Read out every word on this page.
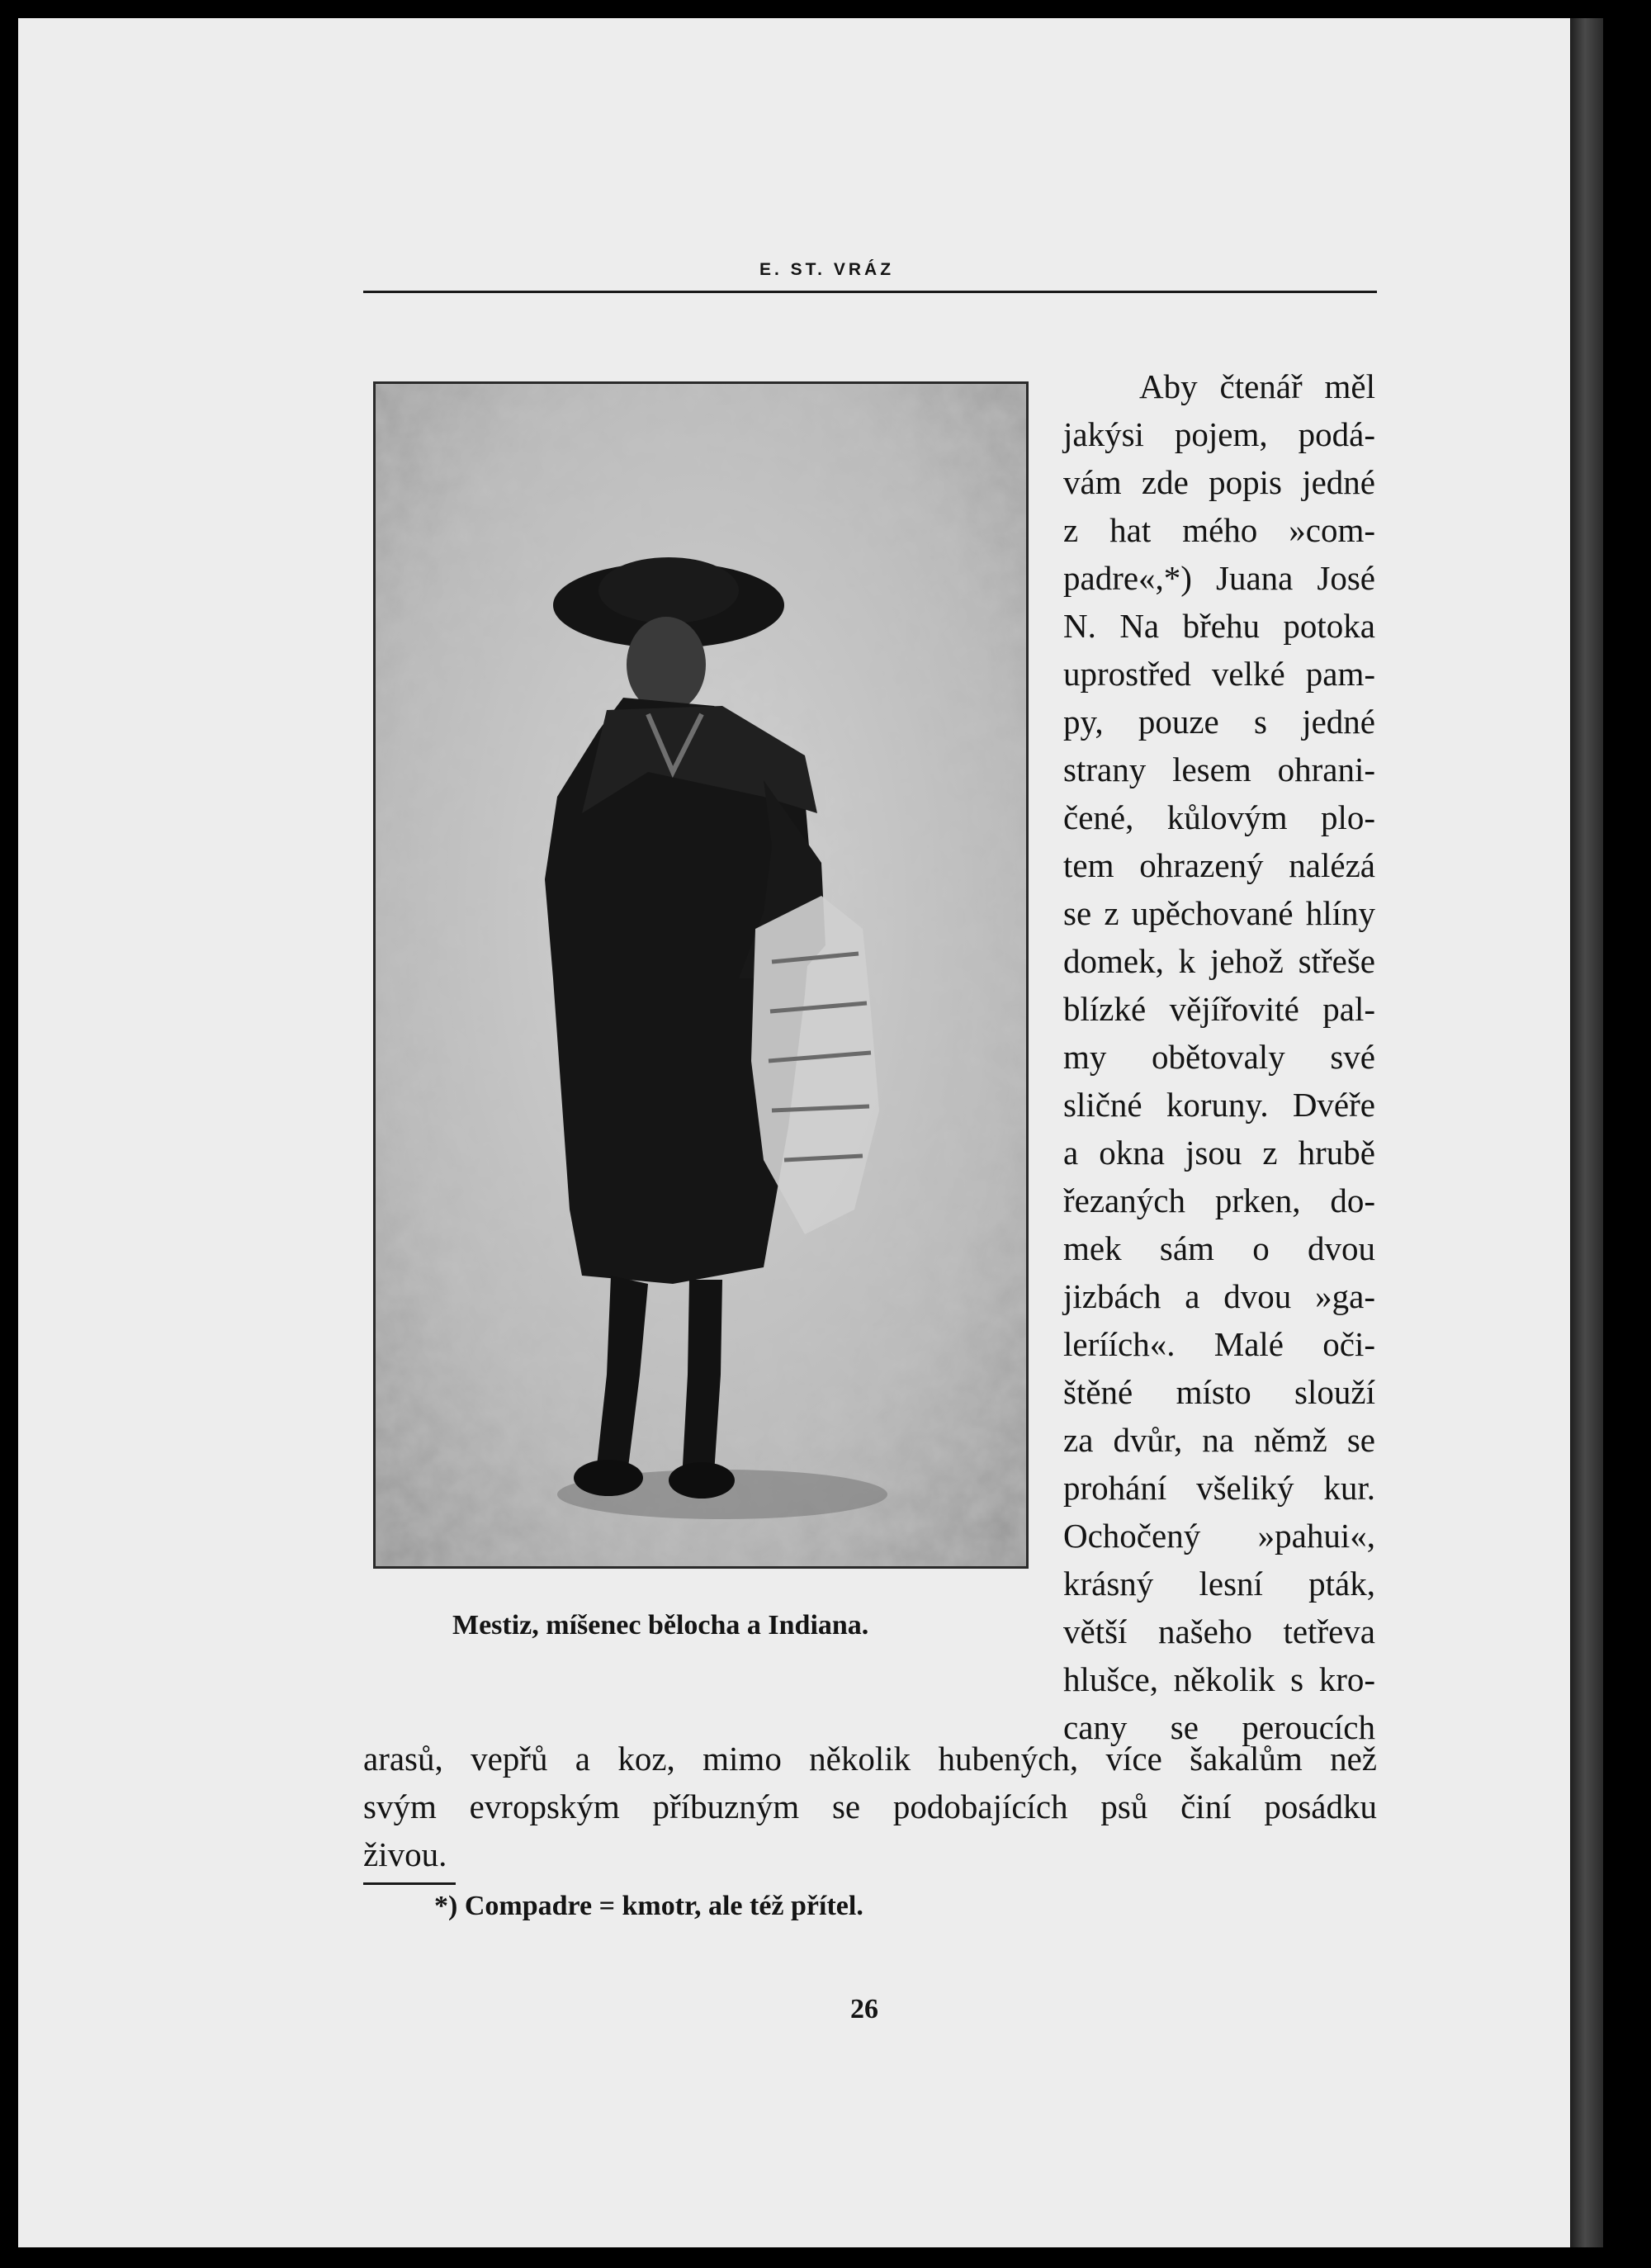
E. ST. VRÁZ
Mestiz, míšenec bělocha a Indiana.
Aby čtenář měl
jakýsi pojem, podá-
vám zde popis jedné
z hat mého »com-
padre«,*) Juana José
N. Na břehu potoka
uprostřed velké pam-
py, pouze s jedné
strany lesem ohrani-
čené, kůlovým plo-
tem ohrazený nalézá
se z upěchované hlíny
domek, k jehož střeše
blízké vějířovité pal-
my obětovaly své
sličné koruny. Dvéře
a okna jsou z hrubě
řezaných prken, do-
mek sám o dvou
jizbách a dvou »ga-
leríích«. Malé oči-
štěné místo slouží
za dvůr, na němž se
prohání všeliký kur.
Ochočený »pahui«,
krásný lesní pták,
větší našeho tetřeva
hlušce, několik s kro-
cany se peroucích
arasů, vepřů a koz, mimo několik hubených, více šakalům než
svým evropským příbuzným se podobajících psů činí posádku
živou.
*) Compadre = kmotr, ale též přítel.
26
